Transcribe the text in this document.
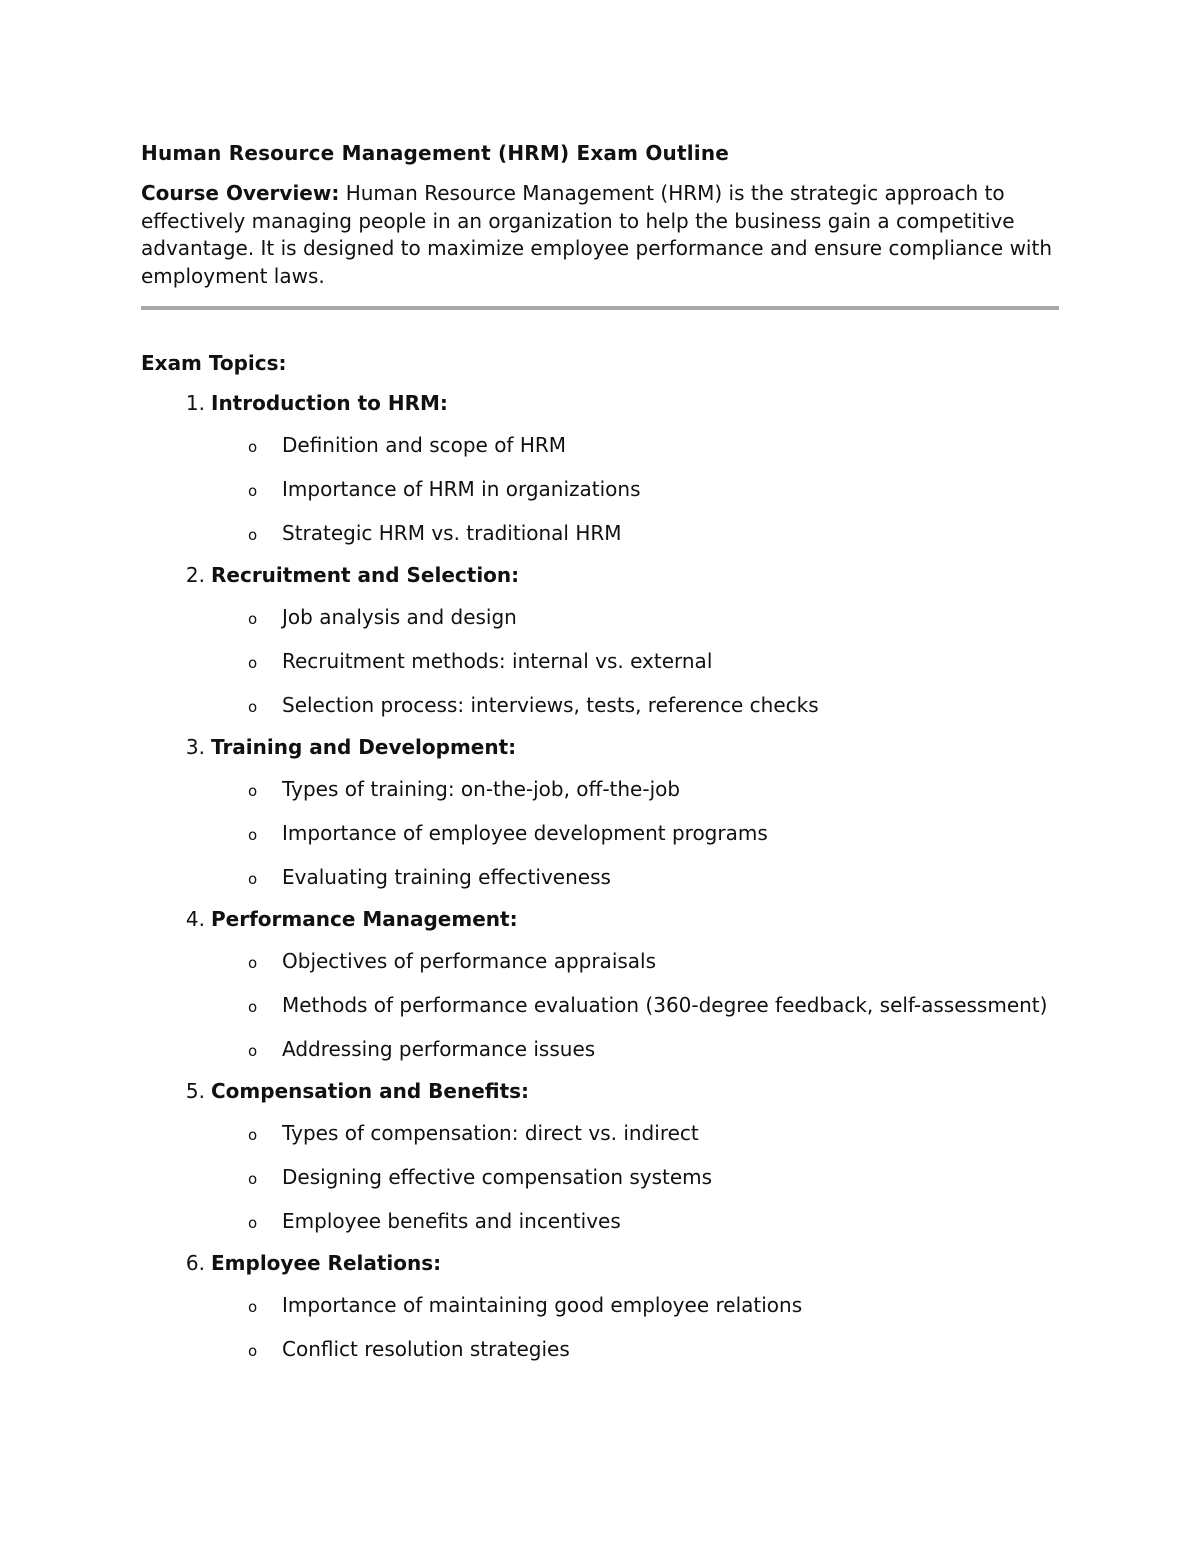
Human Resource Management (HRM) Exam Outline

Course Overview: Human Resource Management (HRM) is the strategic approach to effectively managing people in an organization to help the business gain a competitive advantage. It is designed to maximize employee performance and ensure compliance with employment laws.

Exam Topics:

1. Introduction to HRM:
o Definition and scope of HRM
o Importance of HRM in organizations
o Strategic HRM vs. traditional HRM
2. Recruitment and Selection:
o Job analysis and design
o Recruitment methods: internal vs. external
o Selection process: interviews, tests, reference checks
3. Training and Development:
o Types of training: on-the-job, off-the-job
o Importance of employee development programs
o Evaluating training effectiveness
4. Performance Management:
o Objectives of performance appraisals
o Methods of performance evaluation (360-degree feedback, self-assessment)
o Addressing performance issues
5. Compensation and Benefits:
o Types of compensation: direct vs. indirect
o Designing effective compensation systems
o Employee benefits and incentives
6. Employee Relations:
o Importance of maintaining good employee relations
o Conflict resolution strategies
